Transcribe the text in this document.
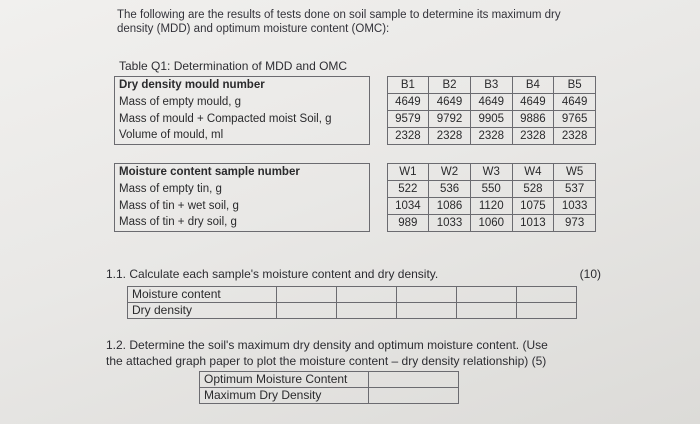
The following are the results of tests done on soil sample to determine its maximum dry
density (MDD) and optimum moisture content (OMC):
Table Q1: Determination of MDD and OMC
Dry density mould number		B1	B2	B3	B4	B5
Mass of empty mould, g		4649	4649	4649	4649	4649
Mass of mould + Compacted moist Soil, g		9579	9792	9905	9886	9765
Volume of mould, ml		2328	2328	2328	2328	2328
Moisture content sample number		W1	W2	W3	W4	W5
Mass of empty tin, g		522	536	550	528	537
Mass of tin + wet soil, g		1034	1086	1120	1075	1033
Mass of tin + dry soil, g		989	1033	1060	1013	973
1.1. Calculate each sample's moisture content and dry density.	(10)
Moisture content					
Dry density					
1.2. Determine the soil's maximum dry density and optimum moisture content. (Use
the attached graph paper to plot the moisture content – dry density relationship) (5)
Optimum Moisture Content	
Maximum Dry Density	
